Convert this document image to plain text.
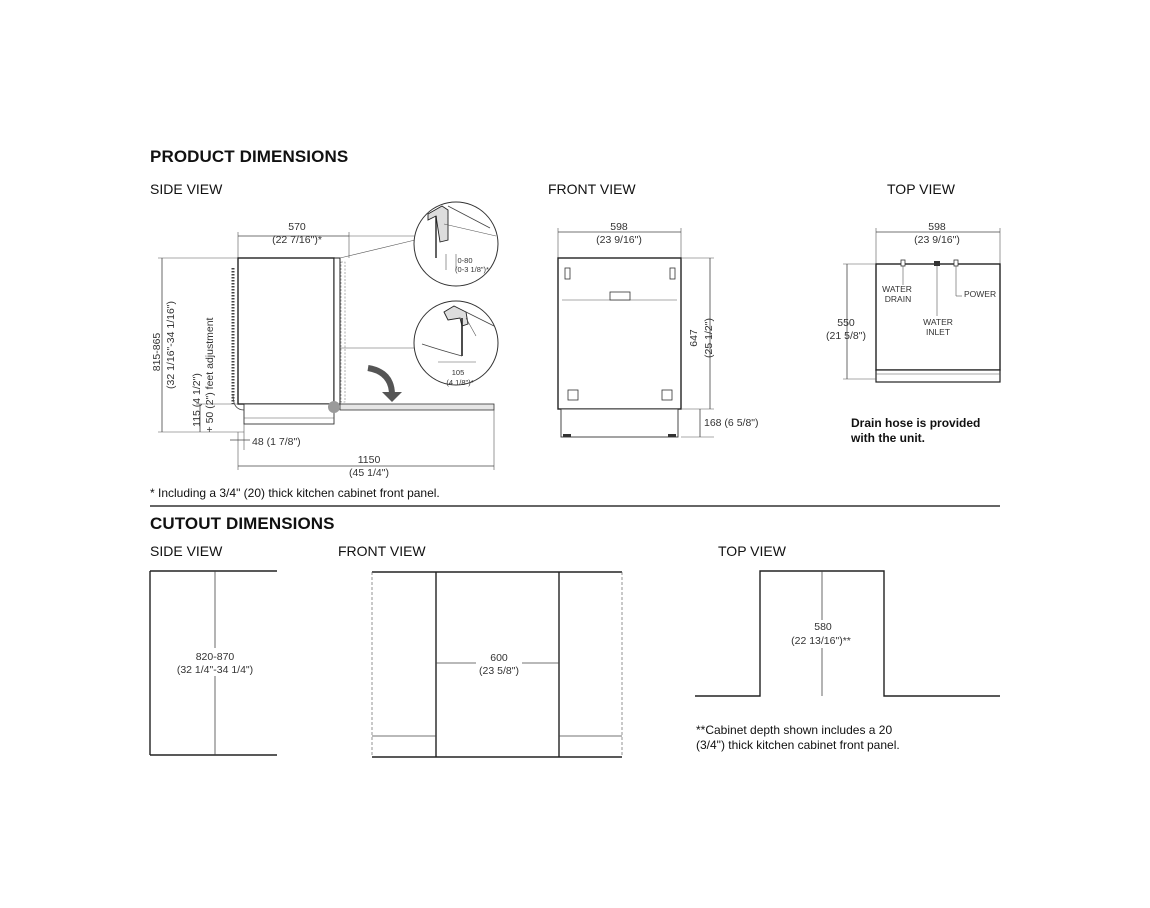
PRODUCT DIMENSIONS
SIDE VIEW	FRONT VIEW	TOP VIEW
* Including a 3/4" (20) thick kitchen cabinet front panel.
Drain hose is provided
with the unit.
CUTOUT DIMENSIONS
SIDE VIEW	FRONT VIEW	TOP VIEW
**Cabinet depth shown includes a 20
(3/4") thick kitchen cabinet front panel.
570
(22 7/16")*
815-865 (32 1/16"-34 1/16")
115 (4 1/2") + 50 (2") feet adjustment
48 (1 7/8")
1150
(45 1/4")
0-80
(0-3 1/8")*
105
(4 1/8")*
598
(23 9/16")
647 (25 1/2")
168 (6 5/8")
598
(23 9/16")
WATER
DRAIN
WATER
INLET
POWER
550
(21 5/8")
820-870
(32 1/4"-34 1/4")
600
(23 5/8")
580
(22 13/16")**
